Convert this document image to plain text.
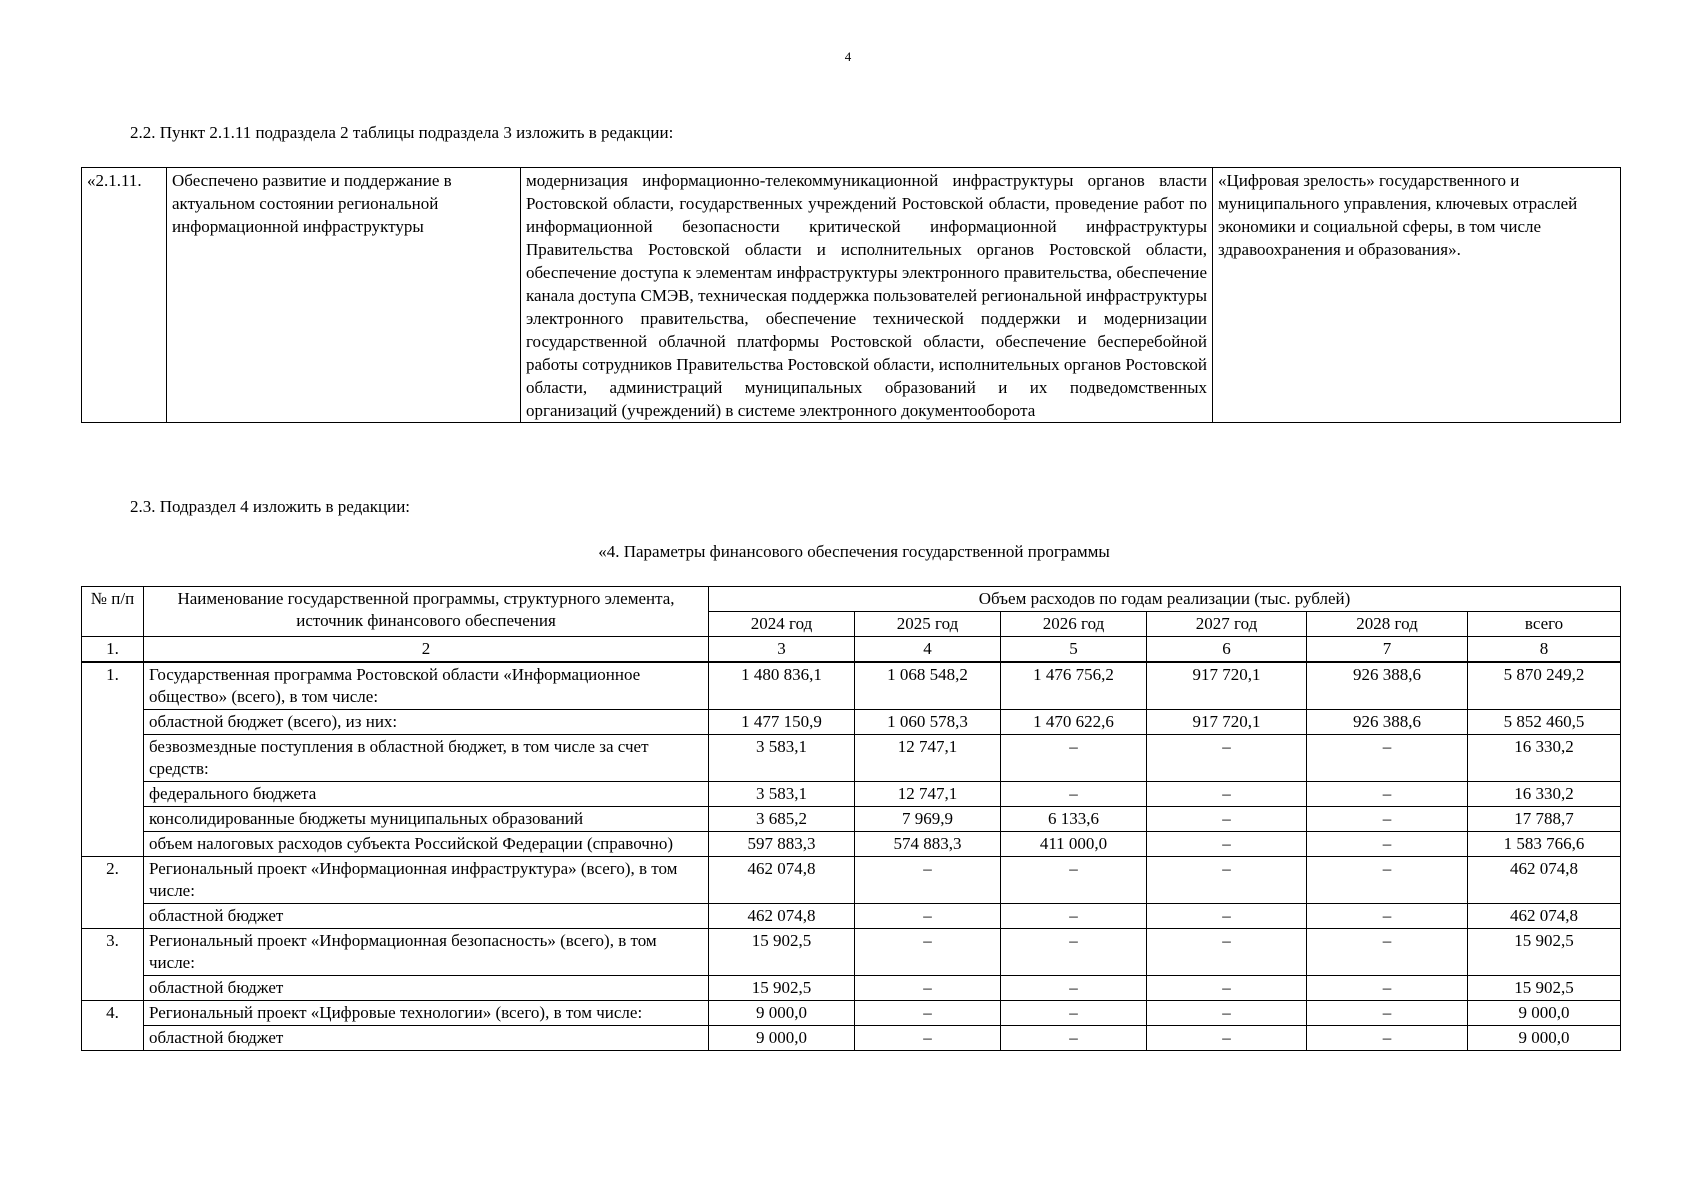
4
2.2. Пункт 2.1.11 подраздела 2 таблицы подраздела 3 изложить в редакции:
«2.1.11.	Обеспечено развитие и поддержание в актуальном состоянии региональной информационной инфраструктуры	модернизация информационно-телекоммуникационной инфраструктуры органов власти Ростовской области, государственных учреждений Ростовской области, проведение работ по информационной безопасности критической информационной инфраструктуры Правительства Ростовской области и исполнительных органов Ростовской области, обеспечение доступа к элементам инфраструктуры электронного правительства, обеспечение канала доступа СМЭВ, техническая поддержка пользователей региональной инфраструктуры электронного правительства, обеспечение технической поддержки и модернизации государственной облачной платформы Ростовской области, обеспечение бесперебойной работы сотрудников Правительства Ростовской области, исполнительных органов Ростовской области, администраций муниципальных образований и их подведомственных
организаций (учреждений) в системе электронного документооборота
	«Цифровая зрелость» государственного и муниципального управления, ключевых отраслей экономики и социальной сферы, в том числе здравоохранения и образования».
2.3. Подраздел 4 изложить в редакции:
«4. Параметры финансового обеспечения государственной программы
№ п/п	Наименование государственной программы, структурного элемента, источник финансового обеспечения	Объем расходов по годам реализации (тыс. рублей)					
		2024 год	2025 год	2026 год	2027 год	2028 год	всего
1.	2	3	4	5	6	7	8
1.	Государственная программа Ростовской области «Информационное общество» (всего), в том числе:	1 480 836,1	1 068 548,2	1 476 756,2	917 720,1	926 388,6	5 870 249,2
	областной бюджет (всего), из них:	1 477 150,9	1 060 578,3	1 470 622,6	917 720,1	926 388,6	5 852 460,5
	безвозмездные поступления в областной бюджет, в том числе за счет средств:	3 583,1	12 747,1	–	–	–	16 330,2
	федерального бюджета	3 583,1	12 747,1	–	–	–	16 330,2
	консолидированные бюджеты муниципальных образований	3 685,2	7 969,9	6 133,6	–	–	17 788,7
	объем налоговых расходов субъекта Российской Федерации (справочно)	597 883,3	574 883,3	411 000,0	–	–	1 583 766,6
2.	Региональный проект «Информационная инфраструктура» (всего), в том числе:	462 074,8	–	–	–	–	462 074,8
	областной бюджет	462 074,8	–	–	–	–	462 074,8
3.	Региональный проект «Информационная безопасность» (всего), в том числе:	15 902,5	–	–	–	–	15 902,5
	областной бюджет	15 902,5	–	–	–	–	15 902,5
4.	Региональный проект «Цифровые технологии» (всего), в том числе:	9 000,0	–	–	–	–	9 000,0
	областной бюджет	9 000,0	–	–	–	–	9 000,0
